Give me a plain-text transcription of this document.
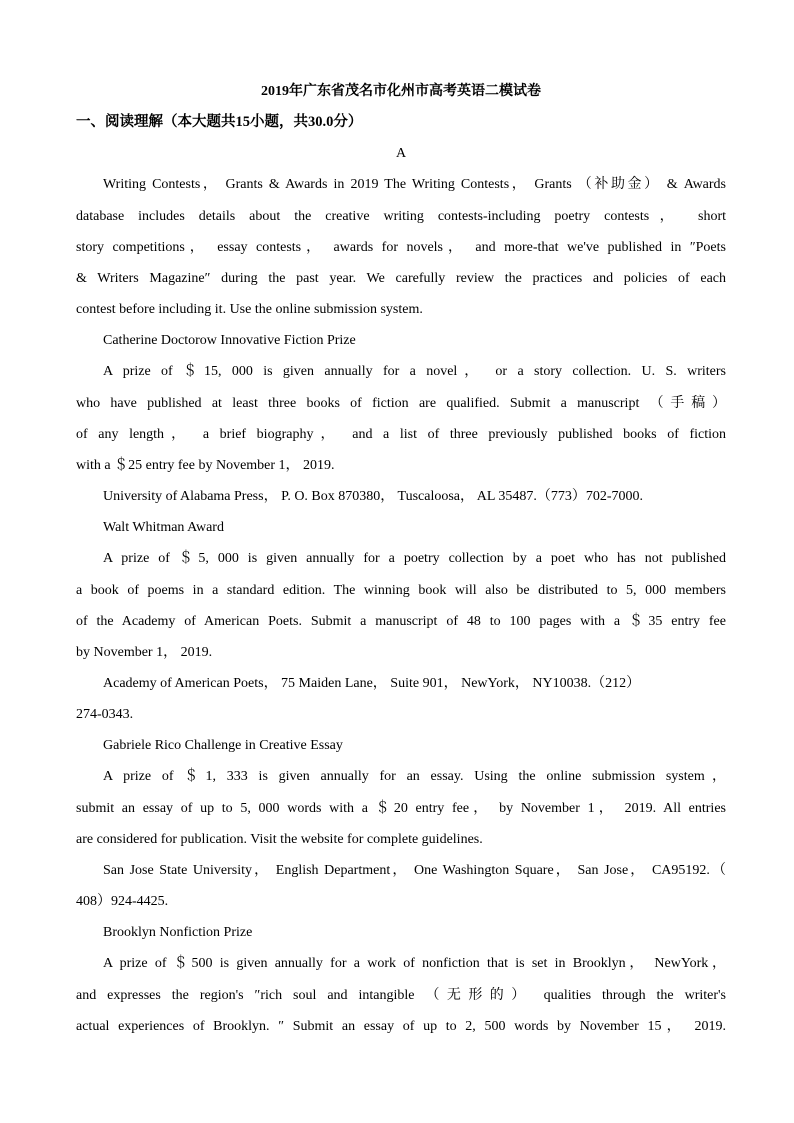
2019年广东省茂名市化州市高考英语二模试卷
一、阅读理解（本大题共15小题，共30.0分）
A
Writing Contests， Grants & Awards in 2019 The Writing Contests， Grants （补助金） & Awards
database includes details about the creative writing contests-including poetry contests， short
story competitions， essay contests， awards for novels， and more-that we've published in ″Poets
& Writers Magazine″ during the past year. We carefully review the practices and policies of each
contest before including it. Use the online submission system.
Catherine Doctorow Innovative Fiction Prize
A prize of ＄15, 000 is given annually for a novel， or a story collection. U. S. writers
who have published at least three books of fiction are qualified. Submit a manuscript （手稿）
of any length， a brief biography， and a list of three previously published books of fiction
with a ＄25 entry fee by November 1， 2019.
University of Alabama Press， P. O. Box 870380， Tuscaloosa， AL 35487.（773）702-7000.
Walt Whitman Award
A prize of ＄5, 000 is given annually for a poetry collection by a poet who has not published
a book of poems in a standard edition. The winning book will also be distributed to 5, 000 members
of the Academy of American Poets. Submit a manuscript of 48 to 100 pages with a ＄35 entry fee
by November 1， 2019.
Academy of American Poets， 75 Maiden Lane， Suite 901， NewYork， NY10038.（212）
274-0343.
Gabriele Rico Challenge in Creative Essay
A prize of ＄1, 333 is given annually for an essay. Using the online submission system，
submit an essay of up to 5, 000 words with a ＄20 entry fee， by November 1， 2019. All entries
are considered for publication. Visit the website for complete guidelines.
San Jose State University， English Department， One Washington Square， San Jose， CA95192.（
408）924-4425.
Brooklyn Nonfiction Prize
A prize of ＄500 is given annually for a work of nonfiction that is set in Brooklyn， NewYork，
and expresses the region's ″rich soul and intangible （无形的） qualities through the writer's
actual experiences of Brooklyn. ″ Submit an essay of up to 2, 500 words by November 15， 2019.
